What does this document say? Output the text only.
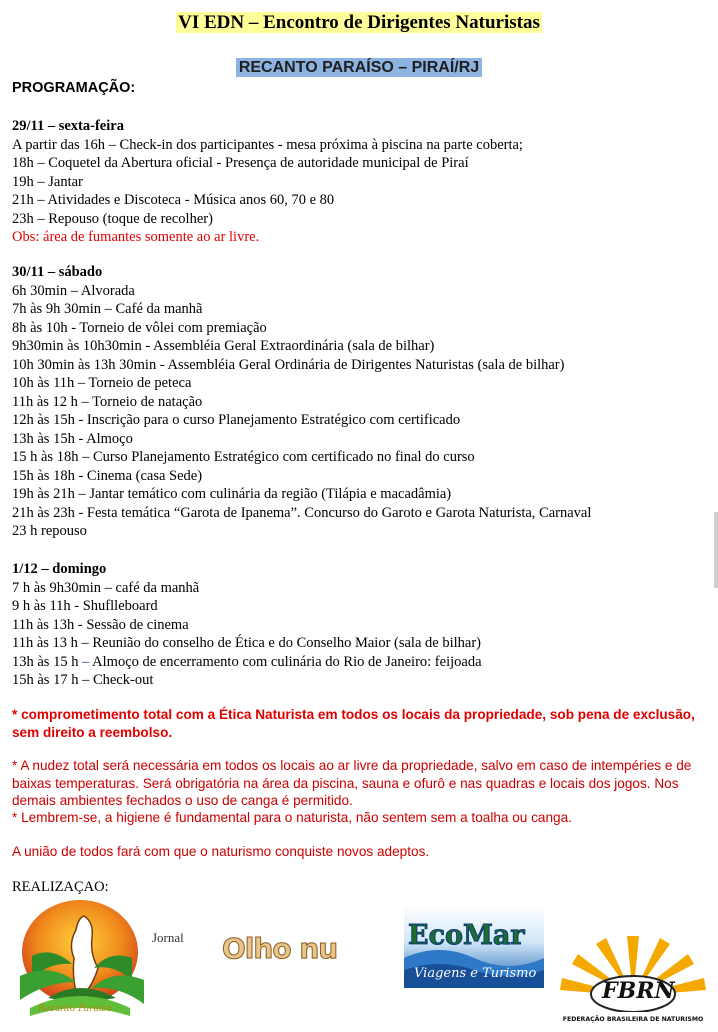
VI EDN – Encontro de Dirigentes Naturistas
RECANTO PARAÍSO – PIRAÍ/RJ
PROGRAMAÇÃO:
29/11 – sexta-feira
A partir das 16h – Check-in dos participantes - mesa próxima à piscina na parte coberta;
18h – Coquetel da Abertura oficial - Presença de autoridade municipal de Piraí
19h – Jantar
21h – Atividades e Discoteca - Música anos 60, 70 e 80
23h – Repouso (toque de recolher)
Obs: área de fumantes somente ao ar livre.
30/11 – sábado
6h 30min – Alvorada
7h às 9h 30min – Café da manhã
8h às 10h - Torneio de vôlei com premiação
9h30min às 10h30min - Assembléia Geral Extraordinária (sala de bilhar)
10h 30min às 13h 30min - Assembléia Geral Ordinária de Dirigentes Naturistas (sala de bilhar)
10h às 11h – Torneio de peteca
11h às 12 h – Torneio de natação
12h às 15h - Inscrição para o curso Planejamento Estratégico com certificado
13h às 15h - Almoço
15 h às 18h – Curso Planejamento Estratégico com certificado no final do curso
15h às 18h - Cinema (casa Sede)
19h às 21h – Jantar temático com culinária da região (Tilápia e macadâmia)
21h às 23h - Festa temática “Garota de Ipanema”. Concurso do Garoto e Garota Naturista, Carnaval
23 h repouso
1/12 – domingo
7 h às 9h30min – café da manhã
9 h às 11h - Shuflleboard
11h às 13h - Sessão de cinema
11h às 13 h – Reunião do conselho de Ética e do Conselho Maior (sala de bilhar)
13h às 15 h – Almoço de encerramento com culinária do Rio de Janeiro: feijoada
15h às 17 h – Check-out
* comprometimento total com a Ética Naturista em todos os locais da propriedade, sob pena de exclusão, sem direito a reembolso.
* A nudez total será necessária em todos os locais ao ar livre da propriedade, salvo em caso de intempéries e de baixas temperaturas. Será obrigatória na área da piscina, sauna e ofurô e nas quadras e locais dos jogos. Nos demais ambientes fechados o uso de canga é permitido.
* Lembrem-se, a higiene é fundamental para o naturista, não sentem sem a toalha ou canga.
A união de todos fará com que o naturismo conquiste novos adeptos.
REALIZAÇAO:
Recanto Paraíso
Jornal Olho nu	EcoMar
Viagens e Turismo
FBRN
FEDERAÇÃO BRASILEIRA DE NATURISMO
